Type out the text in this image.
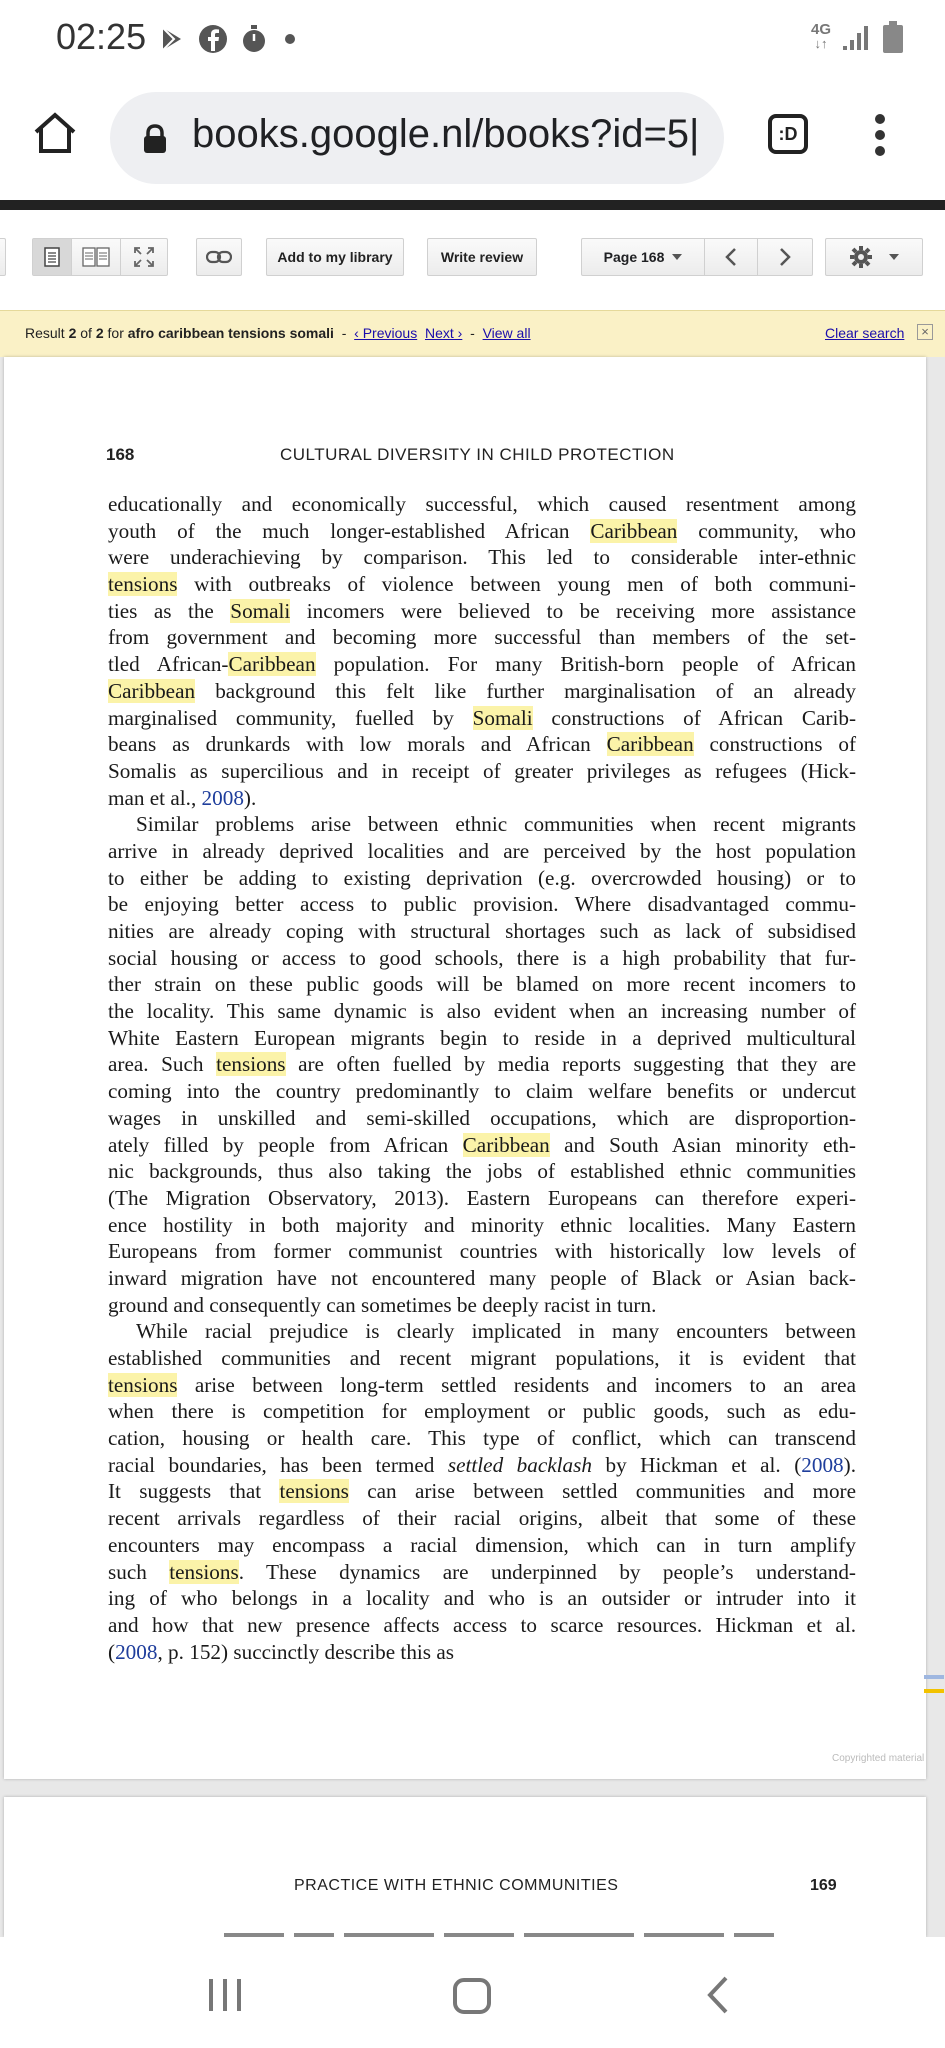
02:25	4G
↓↑
books.google.nl/books?id=5|	:D
Add to my library	Write review	Page 168
Result 2 of 2 for afro caribbean tensions somali  -  ‹ Previous Next ›  -  View all	Clear search	×
168	CULTURAL DIVERSITY IN CHILD PROTECTION
educationally and economically successful, which caused resentment among
youth of the much longer-established African Caribbean community, who
were underachieving by comparison. This led to considerable inter-ethnic
tensions with outbreaks of violence between young men of both communi-
ties as the Somali incomers were believed to be receiving more assistance
from government and becoming more successful than members of the set-
tled African-Caribbean population. For many British-born people of African
Caribbean background this felt like further marginalisation of an already
marginalised community, fuelled by Somali constructions of African Carib-
beans as drunkards with low morals and African Caribbean constructions of
Somalis as supercilious and in receipt of greater privileges as refugees (Hick-
man et al., 2008).
Similar problems arise between ethnic communities when recent migrants
arrive in already deprived localities and are perceived by the host population
to either be adding to existing deprivation (e.g. overcrowded housing) or to
be enjoying better access to public provision. Where disadvantaged commu-
nities are already coping with structural shortages such as lack of subsidised
social housing or access to good schools, there is a high probability that fur-
ther strain on these public goods will be blamed on more recent incomers to
the locality. This same dynamic is also evident when an increasing number of
White Eastern European migrants begin to reside in a deprived multicultural
area. Such tensions are often fuelled by media reports suggesting that they are
coming into the country predominantly to claim welfare benefits or undercut
wages in unskilled and semi-skilled occupations, which are disproportion-
ately filled by people from African Caribbean and South Asian minority eth-
nic backgrounds, thus also taking the jobs of established ethnic communities
(The Migration Observatory, 2013). Eastern Europeans can therefore experi-
ence hostility in both majority and minority ethnic localities. Many Eastern
Europeans from former communist countries with historically low levels of
inward migration have not encountered many people of Black or Asian back-
ground and consequently can sometimes be deeply racist in turn.
While racial prejudice is clearly implicated in many encounters between
established communities and recent migrant populations, it is evident that
tensions arise between long-term settled residents and incomers to an area
when there is competition for employment or public goods, such as edu-
cation, housing or health care. This type of conflict, which can transcend
racial boundaries, has been termed settled backlash by Hickman et al. (2008).
It suggests that tensions can arise between settled communities and more
recent arrivals regardless of their racial origins, albeit that some of these
encounters may encompass a racial dimension, which can in turn amplify
such tensions. These dynamics are underpinned by people’s understand-
ing of who belongs in a locality and who is an outsider or intruder into it
and how that new presence affects access to scarce resources. Hickman et al.
(2008, p. 152) succinctly describe this as
Copyrighted material
PRACTICE WITH ETHNIC COMMUNITIES	169
